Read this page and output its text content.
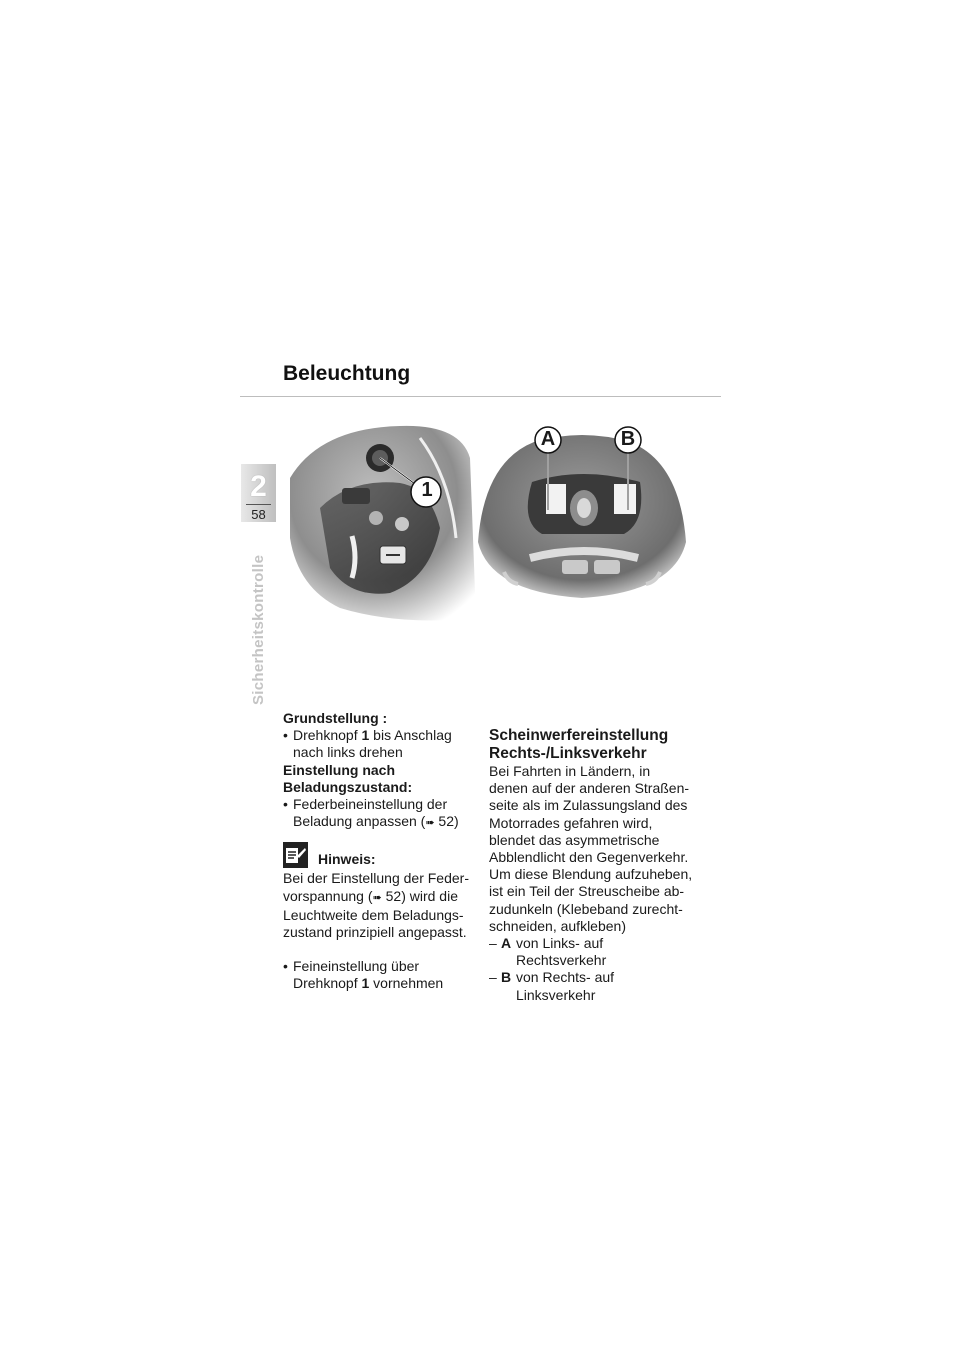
Beleuchtung
2
58
Sicherheitskontrolle
1
A	B
Grundstellung :
• Drehknopf 1 bis Anschlag
nach links drehen
Einstellung nach
Beladungszustand:
• Federbeineinstellung der
Beladung anpassen (➠ 52)
Hinweis:
Bei der Einstellung der Feder-
vorspannung (➠ 52) wird die
Leuchtweite dem Beladungs-
zustand prinzipiell angepasst.
• Feineinstellung über
Drehknopf 1 vornehmen
Scheinwerfereinstellung
Rechts-/Linksverkehr
Bei Fahrten in Ländern, in
denen auf der anderen Straßen-
seite als im Zulassungsland des
Motorrades gefahren wird,
blendet das asymmetrische
Abblendlicht den Gegenverkehr.
Um diese Blendung aufzuheben,
ist ein Teil der Streuscheibe ab-
zudunkeln (Klebeband zurecht-
schneiden, aufkleben)
– A von Links- auf
Rechtsverkehr
– B von Rechts- auf
Linksverkehr
